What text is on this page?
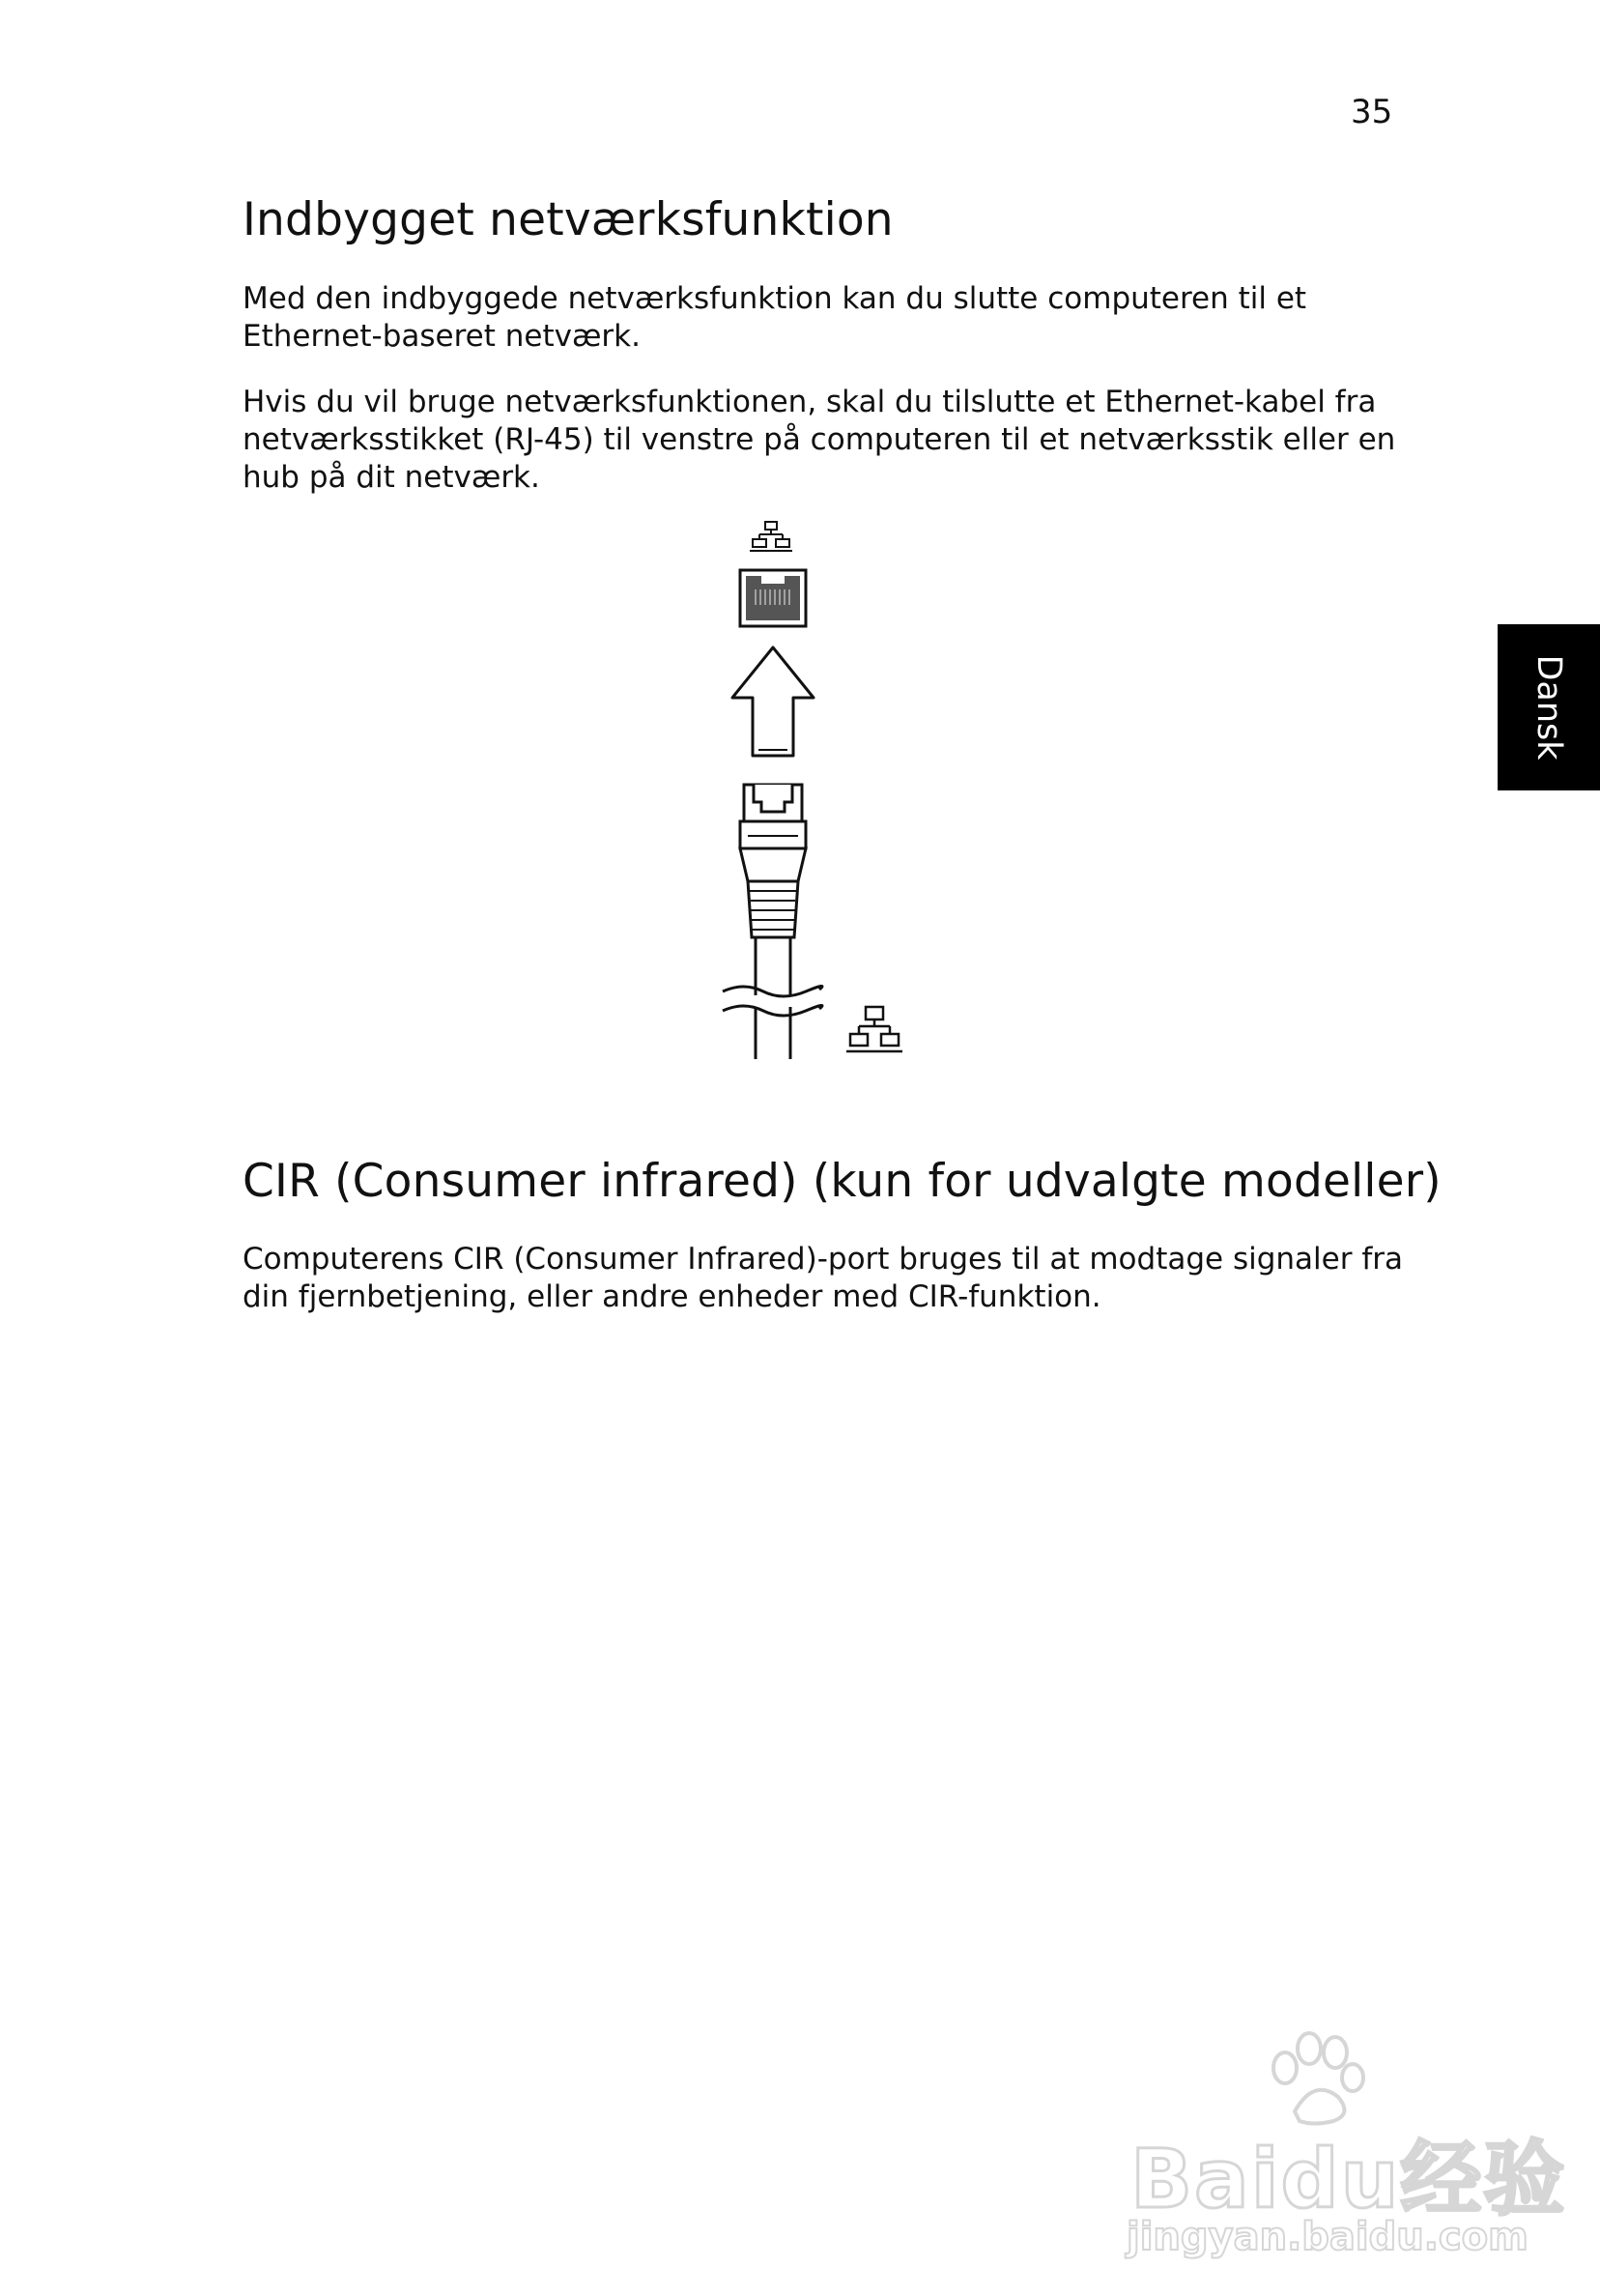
35
Indbygget netværksfunktion

Med den indbyggede netværksfunktion kan du slutte computeren til et
Ethernet-baseret netværk.

Hvis du vil bruge netværksfunktionen, skal du tilslutte et Ethernet-kabel fra
netværksstikket (RJ-45) til venstre på computeren til et netværksstik eller en
hub på dit netværk.

Dansk
CIR (Consumer infrared) (kun for udvalgte modeller)

Computerens CIR (Consumer Infrared)-port bruges til at modtage signaler fra
din fjernbetjening, eller andre enheder med CIR-funktion.

Baidu经验
jingyan.baidu.com
